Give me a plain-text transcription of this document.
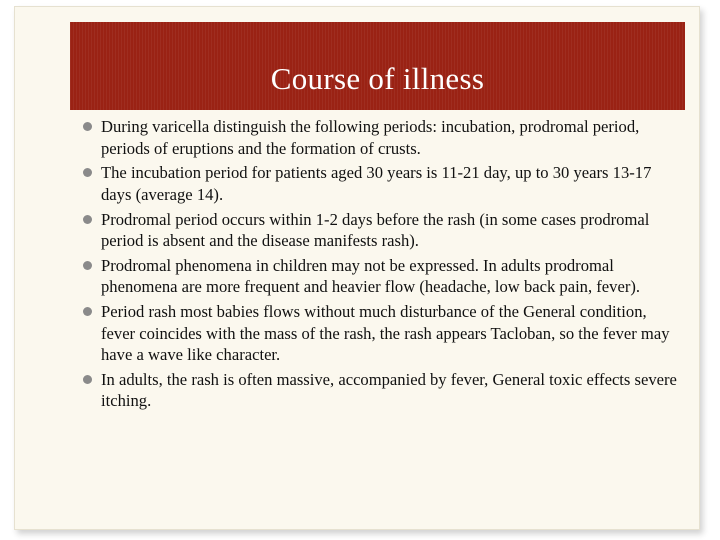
Course of illness
During varicella distinguish the following periods: incubation, prodromal period, periods of eruptions and the formation of crusts.
The incubation period for patients aged 30 years is 11-21 day, up to 30 years 13-17 days (average 14).
Prodromal period occurs within 1-2 days before the rash (in some cases prodromal period is absent and the disease manifests rash).
Prodromal phenomena in children may not be expressed. In adults prodromal phenomena are more frequent and heavier flow (headache, low back pain, fever).
Period rash most babies flows without much disturbance of the General condition, fever coincides with the mass of the rash, the rash appears Tacloban, so the fever may have a wave like character.
In adults, the rash is often massive, accompanied by fever, General toxic effects severe itching.
